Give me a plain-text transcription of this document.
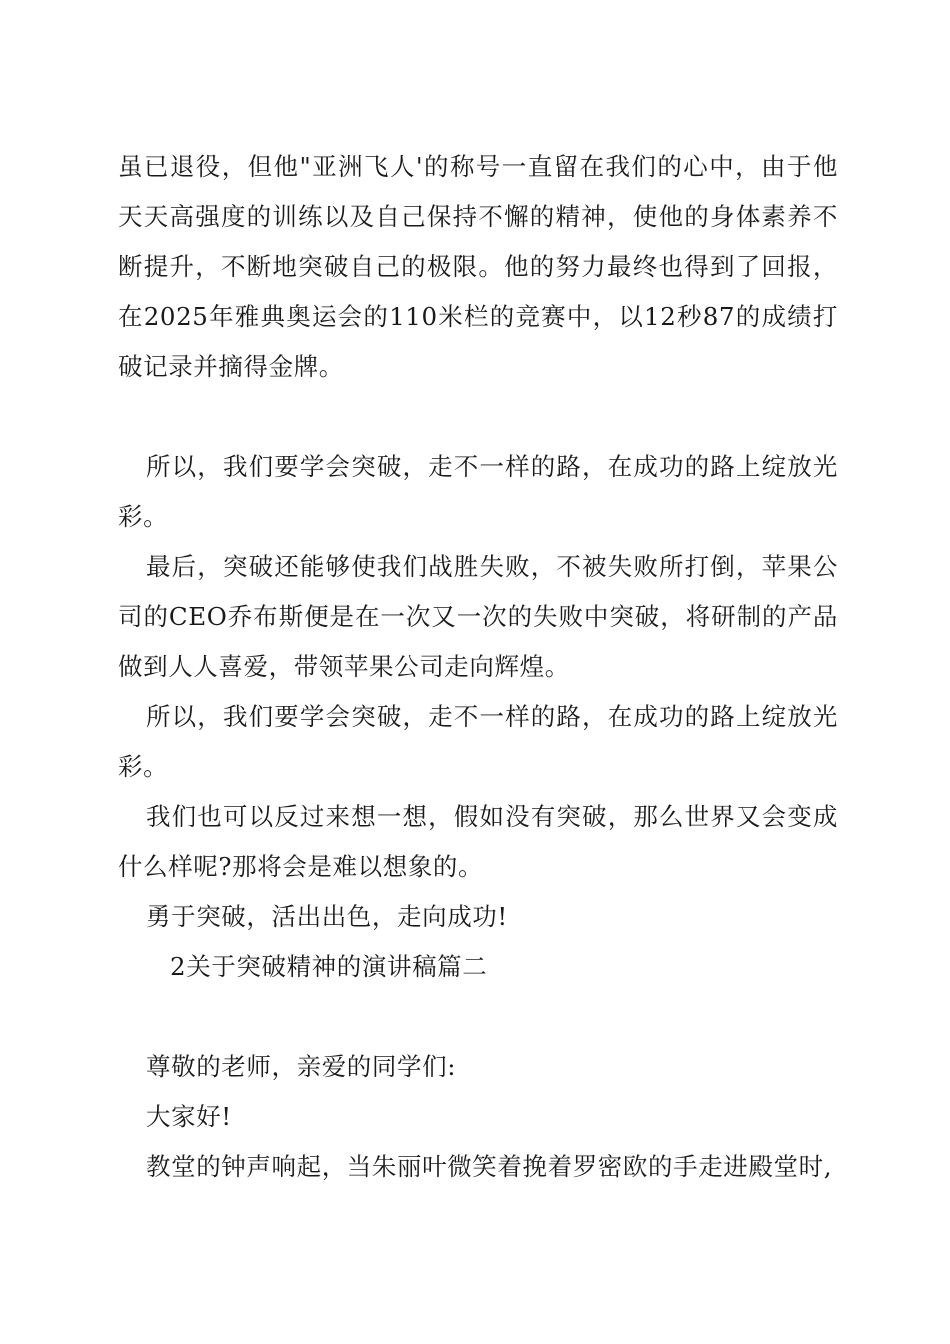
虽已退役，但他"亚洲飞人'的称号一直留在我们的心中，由于他天天高强度的训练以及自己保持不懈的精神，使他的身体素养不断提升，不断地突破自己的极限。他的努力最终也得到了回报，在2025年雅典奥运会的110米栏的竞赛中，以12秒87的成绩打破记录并摘得金牌。

所以，我们要学会突破，走不一样的路，在成功的路上绽放光彩。

最后，突破还能够使我们战胜失败，不被失败所打倒，苹果公司的CEO乔布斯便是在一次又一次的失败中突破，将研制的产品做到人人喜爱，带领苹果公司走向辉煌。

所以，我们要学会突破，走不一样的路，在成功的路上绽放光彩。

我们也可以反过来想一想，假如没有突破，那么世界又会变成什么样呢?那将会是难以想象的。

勇于突破，活出出色，走向成功!

2关于突破精神的演讲稿篇二

尊敬的老师，亲爱的同学们:

大家好!

教堂的钟声响起，当朱丽叶微笑着挽着罗密欧的手走进殿堂时,
